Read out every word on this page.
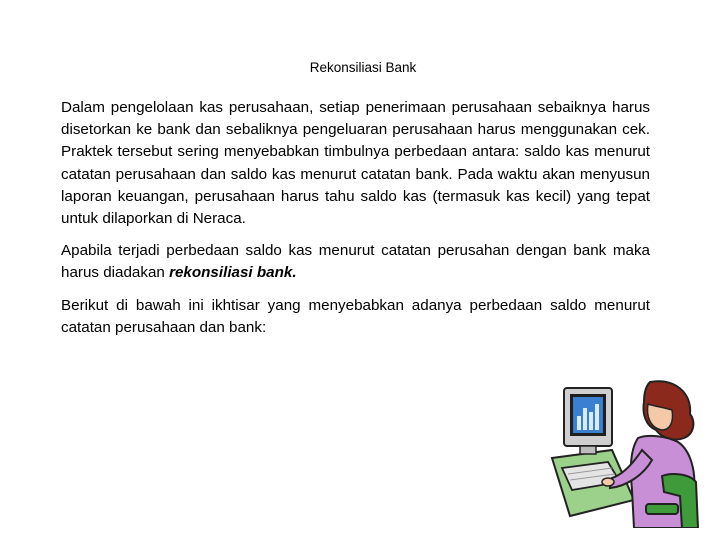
Rekonsiliasi Bank

Dalam pengelolaan kas perusahaan, setiap penerimaan perusahaan sebaiknya harus disetorkan ke bank dan sebaliknya pengeluaran perusahaan harus menggunakan cek. Praktek tersebut sering menyebabkan timbulnya perbedaan antara: saldo kas menurut catatan perusahaan dan saldo kas menurut catatan bank. Pada waktu akan menyusun laporan keuangan, perusahaan harus tahu saldo kas (termasuk kas kecil) yang tepat untuk dilaporkan di Neraca.

Apabila terjadi perbedaan saldo kas menurut catatan perusahan dengan bank maka harus diadakan rekonsiliasi bank.

Berikut di bawah ini ikhtisar yang menyebabkan adanya perbedaan saldo menurut catatan perusahaan dan bank:
